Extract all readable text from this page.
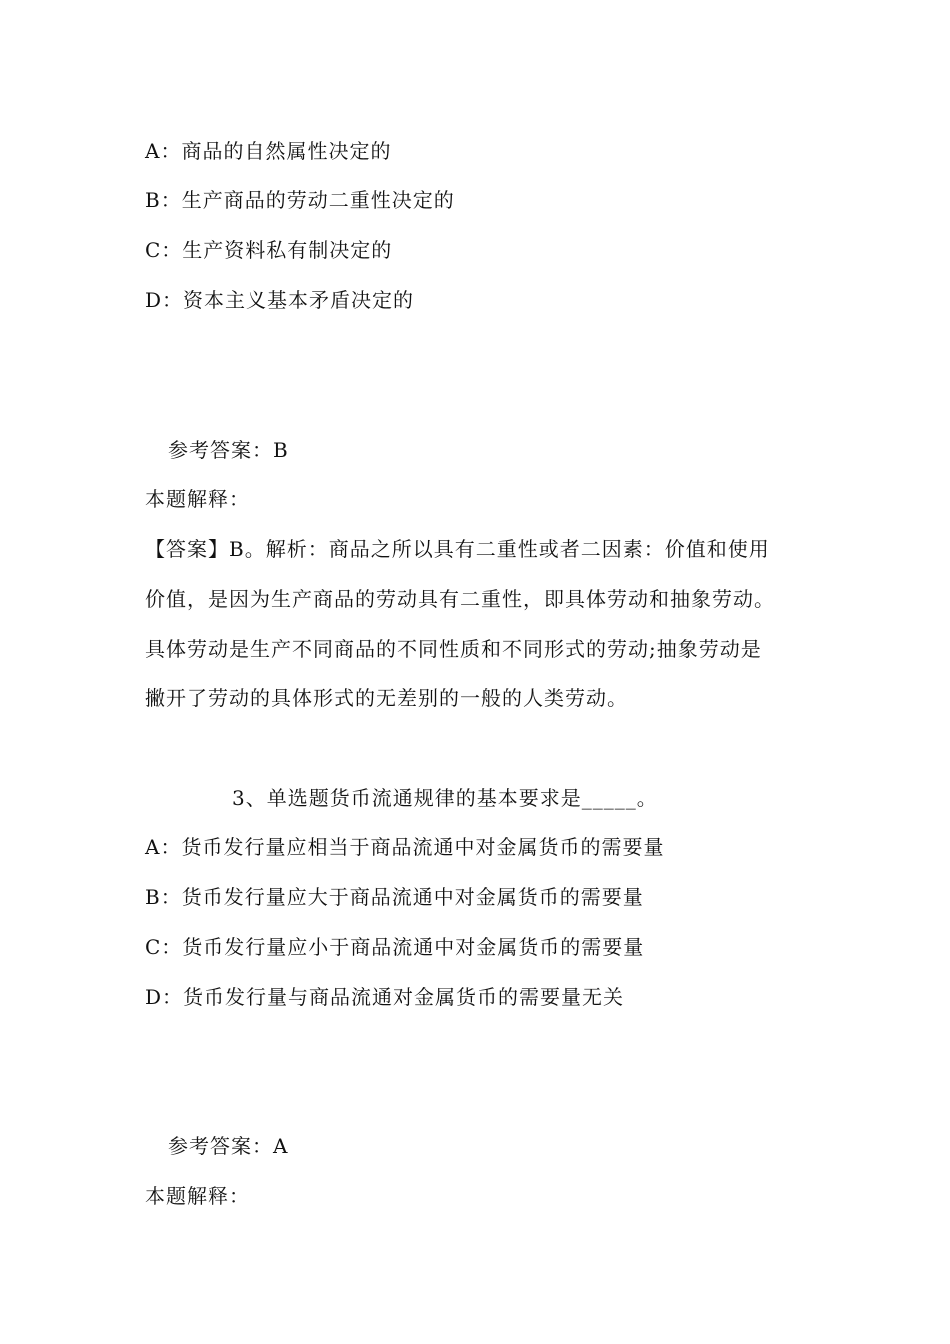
A：商品的自然属性决定的
B：生产商品的劳动二重性决定的
C：生产资料私有制决定的
D：资本主义基本矛盾决定的
参考答案：B
本题解释：
【答案】B。解析：商品之所以具有二重性或者二因素：价值和使用
价值，是因为生产商品的劳动具有二重性，即具体劳动和抽象劳动。
具体劳动是生产不同商品的不同性质和不同形式的劳动;抽象劳动是
撇开了劳动的具体形式的无差别的一般的人类劳动。
3、单选题货币流通规律的基本要求是_____。
A：货币发行量应相当于商品流通中对金属货币的需要量
B：货币发行量应大于商品流通中对金属货币的需要量
C：货币发行量应小于商品流通中对金属货币的需要量
D：货币发行量与商品流通对金属货币的需要量无关
参考答案：A
本题解释：
